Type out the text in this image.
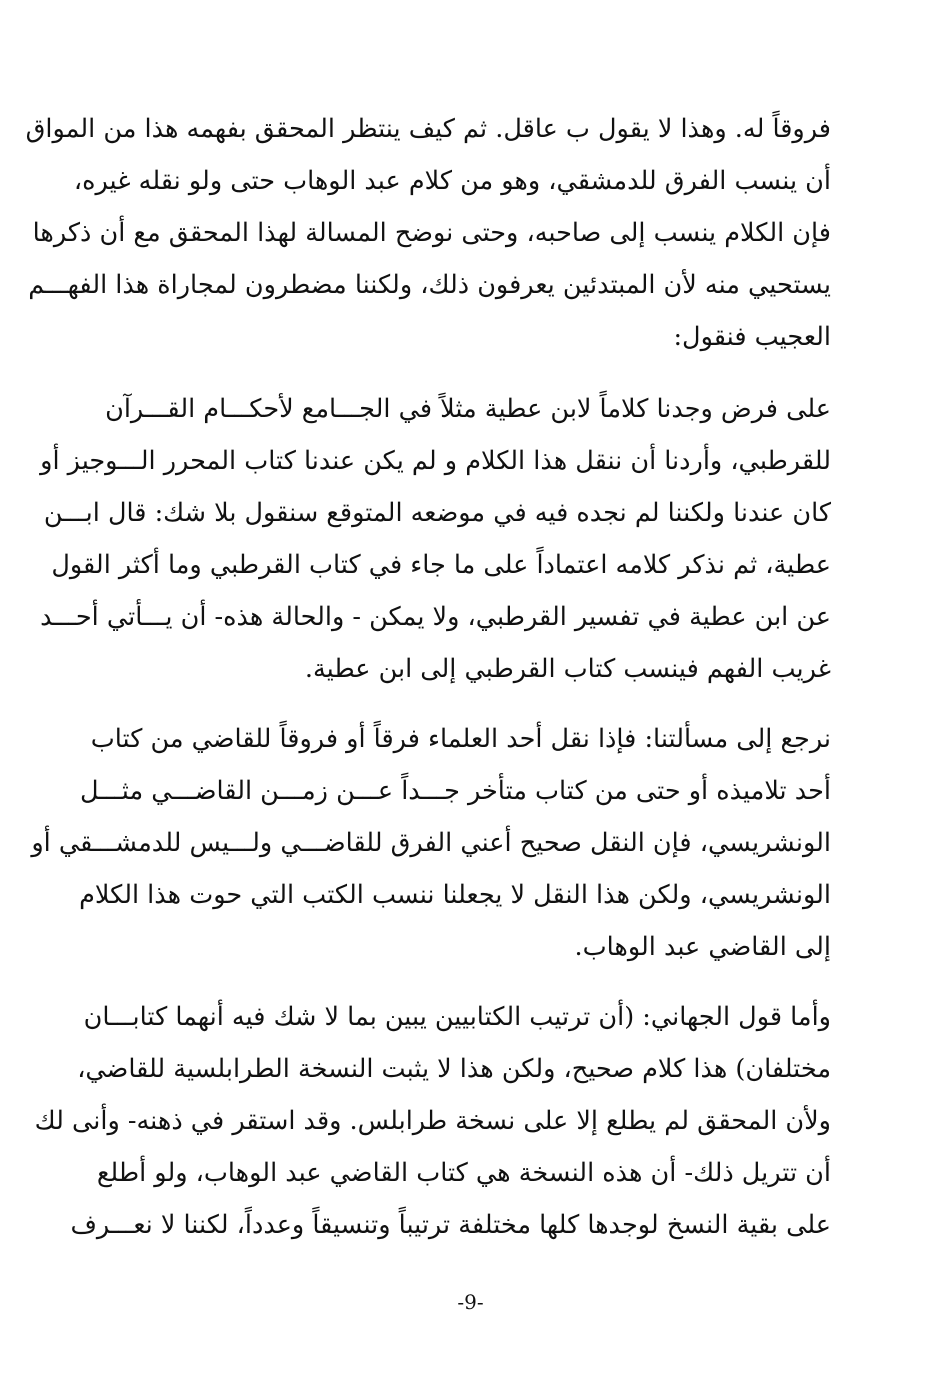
فروقاً له. وهذا لا يقول ب عاقل. ثم كيف ينتظر المحقق بفهمه هذا من المواق
أن ينسب الفرق للدمشقي، وهو من كلام عبد الوهاب حتى ولو نقله غيره،
فإن الكلام ينسب إلى صاحبه، وحتى نوضح المسالة لهذا المحقق مع أن ذكرها
يستحيي منه لأن المبتدئين يعرفون ذلك، ولكننا مضطرون لمجاراة هذا الفهـــم
العجيب فنقول:
على فرض وجدنا كلاماً لابن عطية مثلاً في الجـــامع لأحكـــام القـــرآن
للقرطبي، وأردنا أن ننقل هذا الكلام و لم يكن عندنا كتاب المحرر الـــوجيز أو
كان عندنا ولكننا لم نجده فيه في موضعه المتوقع سنقول بلا شك: قال ابـــن
عطية، ثم نذكر كلامه اعتماداً على ما جاء في كتاب القرطبي وما أكثر القول
عن ابن عطية في تفسير القرطبي، ولا يمكن - والحالة هذه- أن يـــأتي أحـــد
غريب الفهم فينسب كتاب القرطبي إلى ابن عطية.
نرجع إلى مسألتنا: فإذا نقل أحد العلماء فرقاً أو فروقاً للقاضي من كتاب
أحد تلاميذه أو حتى من كتاب متأخر جـــداً عـــن زمـــن القاضـــي مثـــل
الونشريسي، فإن النقل صحيح أعني الفرق للقاضـــي ولـــيس للدمشـــقي أو
الونشريسي، ولكن هذا النقل لا يجعلنا ننسب الكتب التي حوت هذا الكلام
إلى القاضي عبد الوهاب.
وأما قول الجهاني: (أن ترتيب الكتابيين يبين بما لا شك فيه أنهما كتابـــان
مختلفان) هذا كلام صحيح، ولكن هذا لا يثبت النسخة الطرابلسية للقاضي،
ولأن المحقق لم يطلع إلا على نسخة طرابلس. وقد استقر في ذهنه- وأنى لك
أن تتريل ذلك- أن هذه النسخة هي كتاب القاضي عبد الوهاب، ولو أطلع
على بقية النسخ لوجدها كلها مختلفة ترتيباً وتنسيقاً وعدداً، لكننا لا نعـــرف
-9-
